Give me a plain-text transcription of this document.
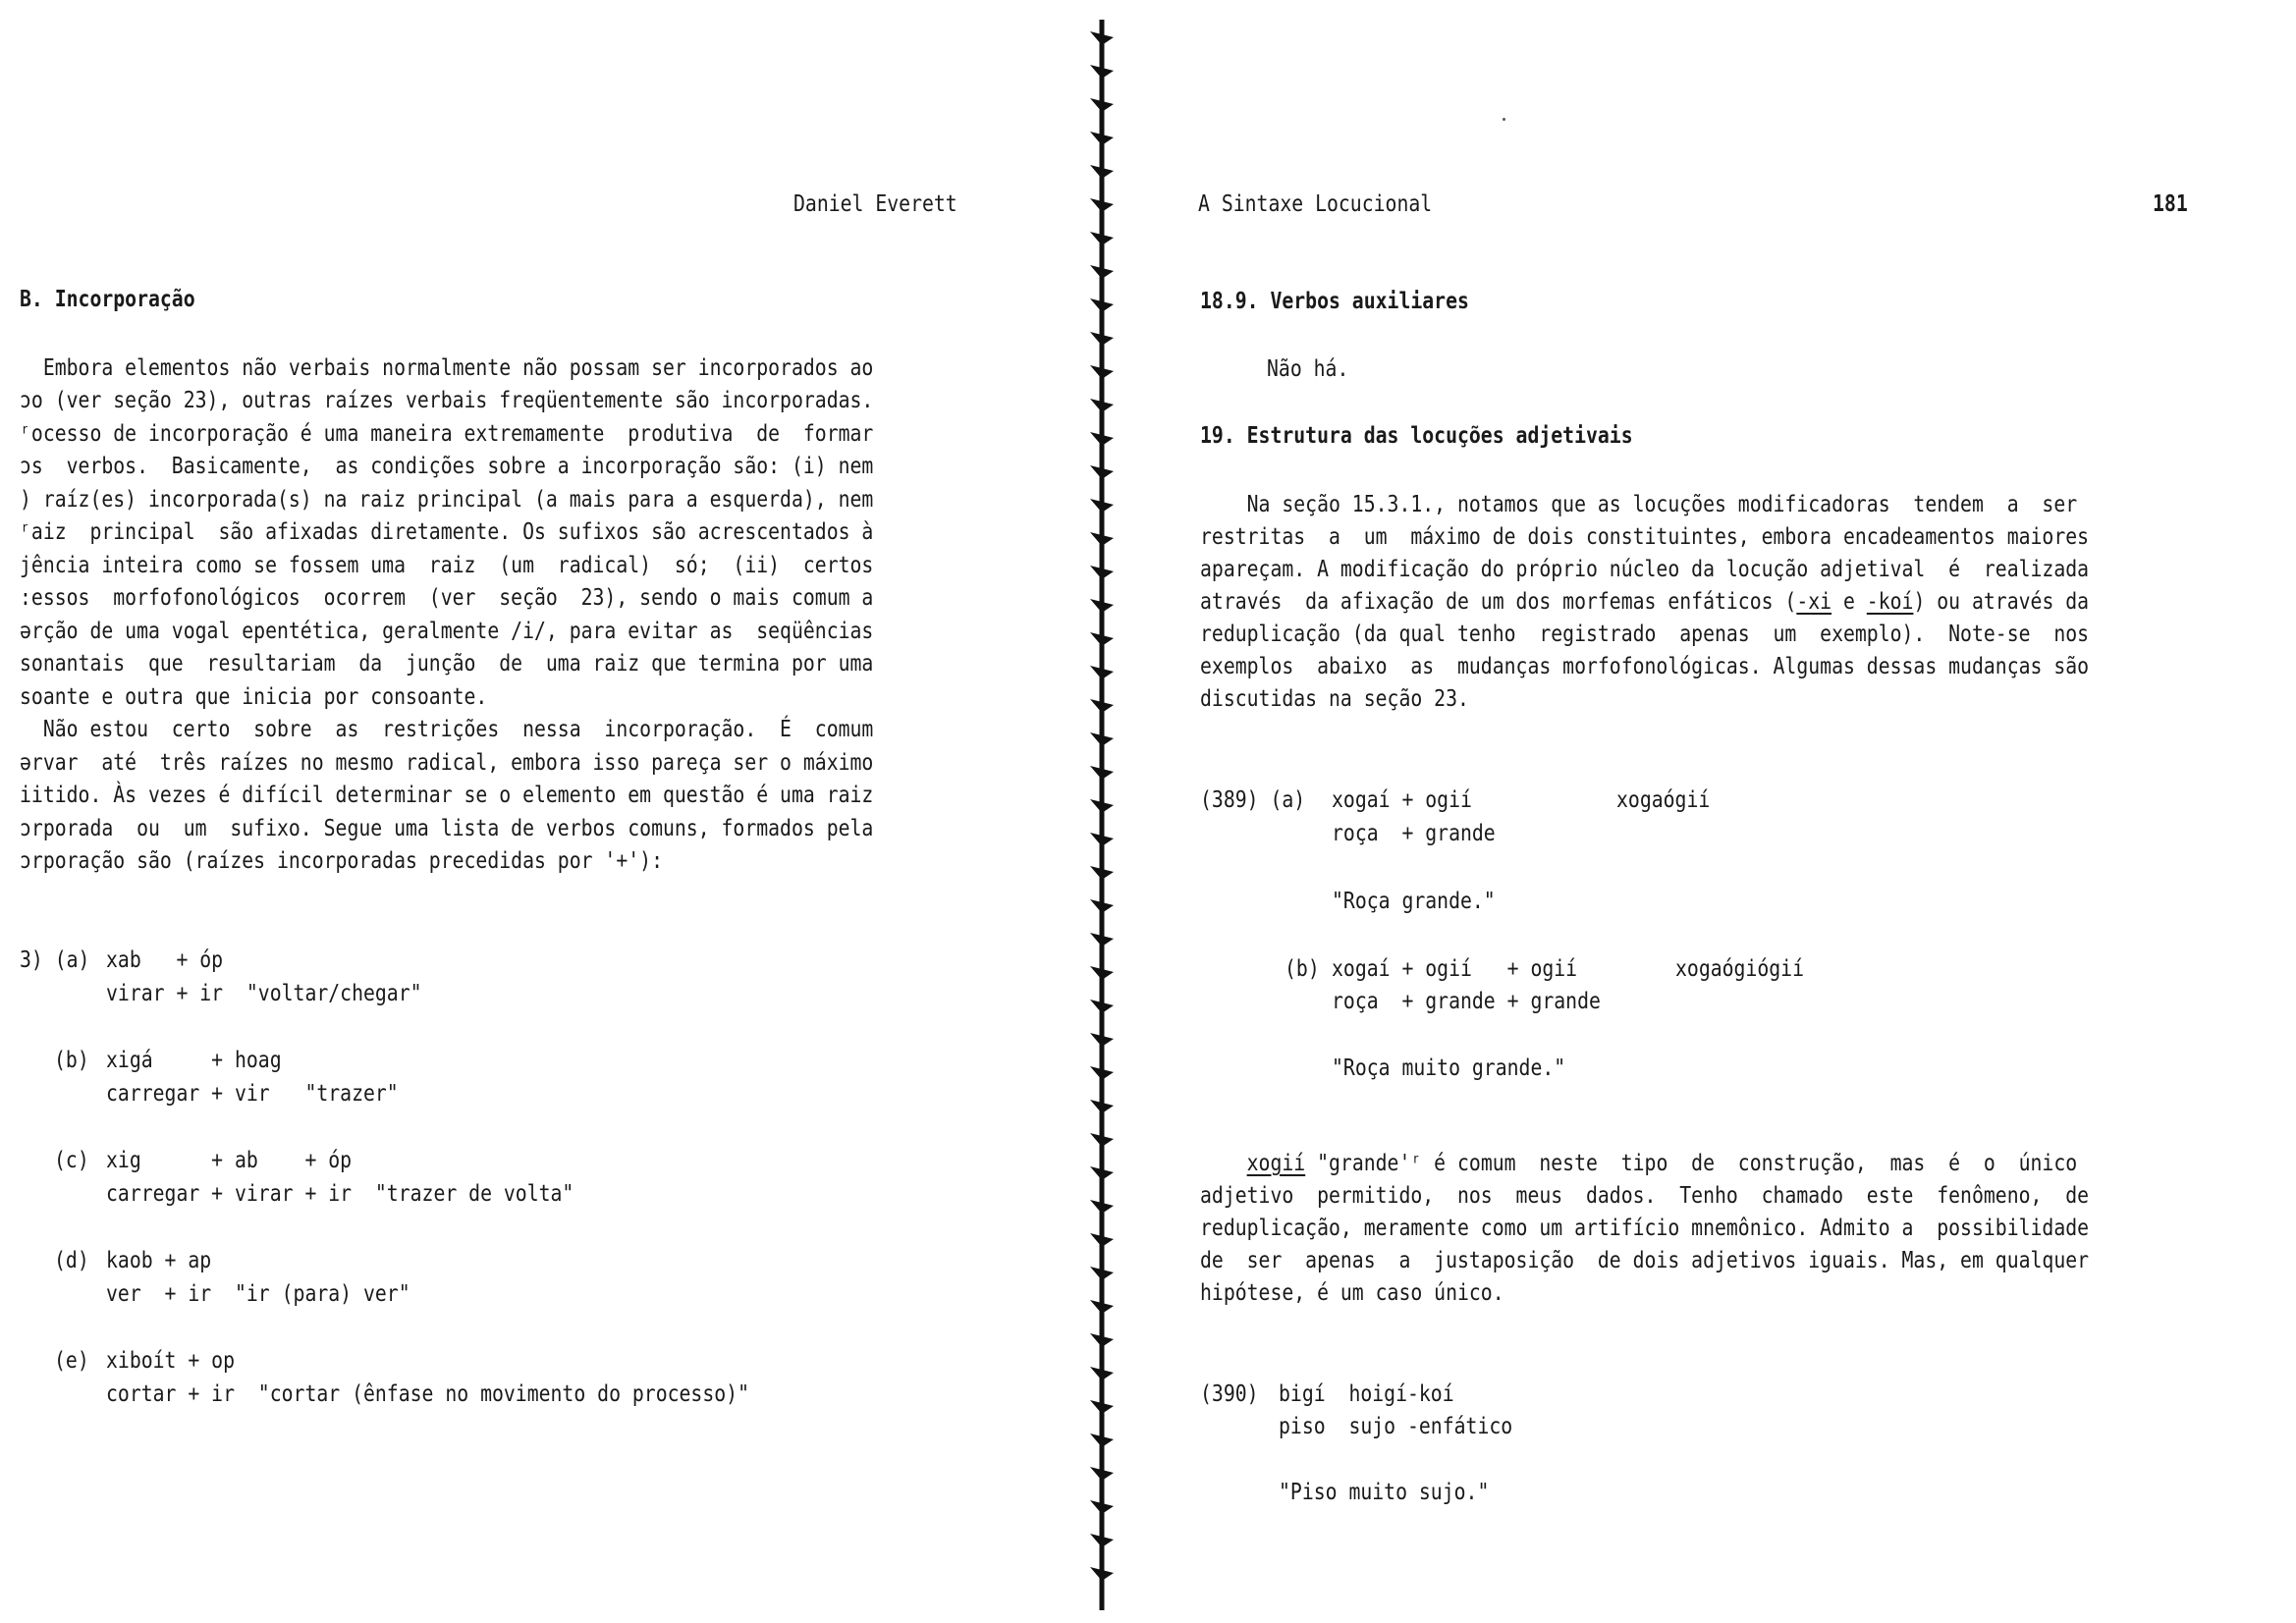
Daniel Everett
B. Incorporação
Embora elementos não verbais normalmente não possam ser incorporados ao
ɔo (ver seção 23), outras raízes verbais freqüentemente são incorporadas.
ʳocesso de incorporação é uma maneira extremamente  produtiva  de  formar
ɔs  verbos.  Basicamente,  as condições sobre a incorporação são: (i) nem
) raíz(es) incorporada(s) na raiz principal (a mais para a esquerda), nem
ʳaiz  principal  são afixadas diretamente. Os sufixos são acrescentados à
jência inteira como se fossem uma  raiz  (um  radical)  só;  (ii)  certos
:essos  morfofonológicos  ocorrem  (ver  seção  23), sendo o mais comum a
ərção de uma vogal epentética, geralmente /i/, para evitar as  seqüências
sonantais  que  resultariam  da  junção  de  uma raiz que termina por uma
soante e outra que inicia por consoante.
Não estou  certo  sobre  as  restrições  nessa  incorporação.  É  comum
ərvar  até  três raízes no mesmo radical, embora isso pareça ser o máximo
iitido. Às vezes é difícil determinar se o elemento em questão é uma raiz
ɔrporada  ou  um  sufixo. Segue uma lista de verbos comuns, formados pela
ɔrporação são (raízes incorporadas precedidas por '+'):
3) (a) xab   + óp
virar + ir  "voltar/chegar"
(b) xigá     + hoag
carregar + vir   "trazer"
(c) xig      + ab    + óp
carregar + virar + ir  "trazer de volta"
(d) kaob + ap
ver  + ir  "ir (para) ver"
(e) xiboít + op
cortar + ir  "cortar (ênfase no movimento do processo)"
A Sintaxe Locucional	181
18.9. Verbos auxiliares
Não há.
19. Estrutura das locuções adjetivais
Na seção 15.3.1., notamos que as locuções modificadoras  tendem  a  ser
restritas  a  um  máximo de dois constituintes, embora encadeamentos maiores
apareçam. A modificação do próprio núcleo da locução adjetival  é  realizada
através  da afixação de um dos morfemas enfáticos (-xi e -koí) ou através da
reduplicação (da qual tenho  registrado  apenas  um  exemplo).  Note-se  nos
exemplos  abaixo  as  mudanças morfofonológicas. Algumas dessas mudanças são
discutidas na seção 23.
(389) (a) xogaí + ogií	xogaógií
roça  + grande
"Roça grande."
(b) xogaí + ogií   + ogií	xogaógiógií
roça  + grande + grande
"Roça muito grande."
xogií "grande'ʳ é comum  neste  tipo  de  construção,  mas  é  o  único
adjetivo  permitido,  nos  meus  dados.  Tenho  chamado  este  fenômeno,  de
reduplicação, meramente como um artifício mnemônico. Admito a  possibilidade
de  ser  apenas  a  justaposição  de dois adjetivos iguais. Mas, em qualquer
hipótese, é um caso único.
(390) bigí  hoigí-koí
piso  sujo -enfático
"Piso muito sujo."
